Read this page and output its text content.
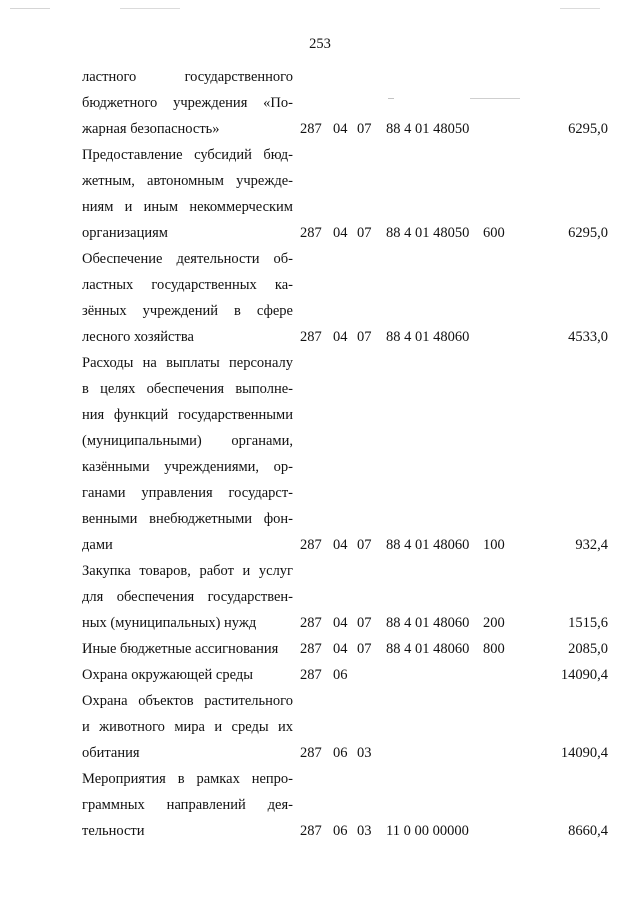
253
ластного государственного
бюджетного учреждения «По-
жарная безопасность»	287 04 07 88 4 01 48050	6295,0
Предоставление субсидий бюд-
жетным, автономным учрежде-
ниям и иным некоммерческим
организациям	287 04 07 88 4 01 48050 600	6295,0
Обеспечение деятельности об-
ластных государственных ка-
зённых учреждений в сфере
лесного хозяйства	287 04 07 88 4 01 48060	4533,0
Расходы на выплаты персоналу
в целях обеспечения выполне-
ния функций государственными
(муниципальными) органами,
казёнными учреждениями, ор-
ганами управления государст-
венными внебюджетными фон-
дами	287 04 07 88 4 01 48060 100	932,4
Закупка товаров, работ и услуг
для обеспечения государствен-
ных (муниципальных) нужд	287 04 07 88 4 01 48060 200	1515,6
Иные бюджетные ассигнования	287 04 07 88 4 01 48060 800	2085,0
Охрана окружающей среды	287 06	14090,4
Охрана объектов растительного
и животного мира и среды их
обитания	287 06 03	14090,4
Мероприятия в рамках непро-
граммных направлений дея-
тельности	287 06 03 11 0 00 00000	8660,4
